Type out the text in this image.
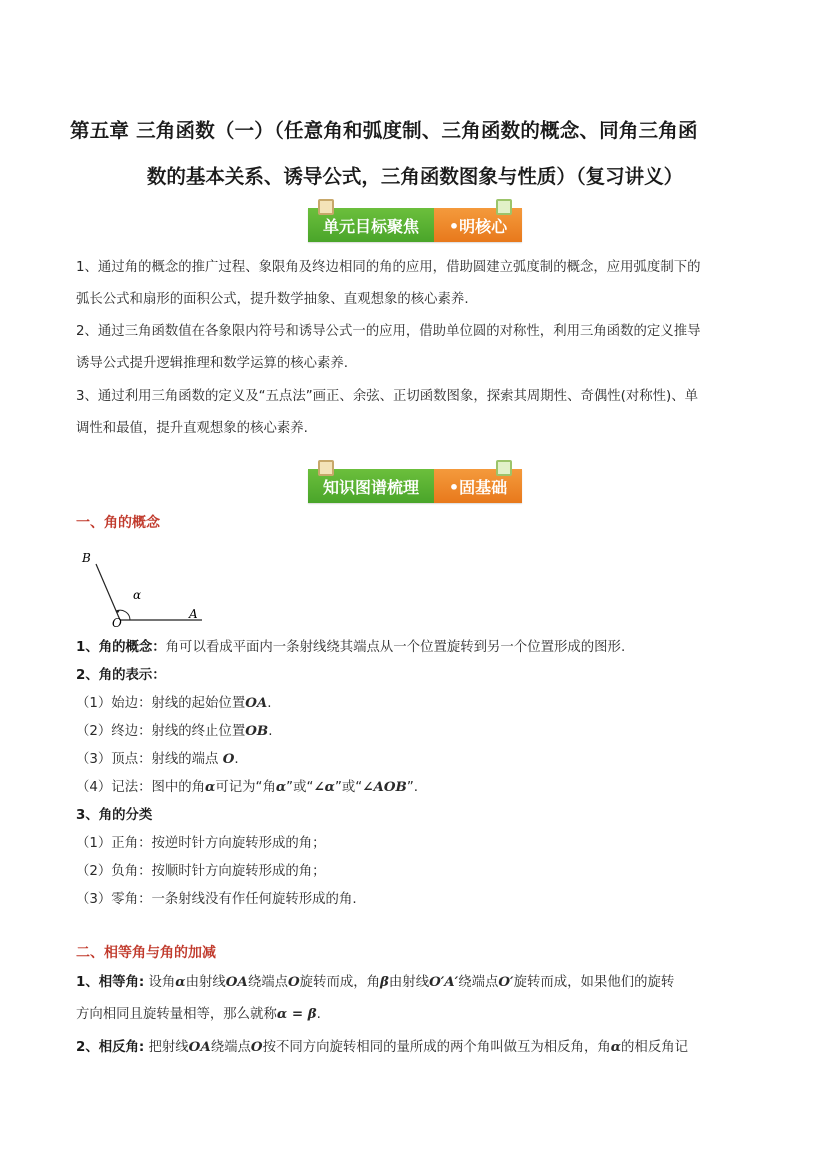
第五章 三角函数（一）（任意角和弧度制、三角函数的概念、同角三角函
数的基本关系、诱导公式，三角函数图象与性质）（复习讲义）
单元目标聚焦	•明核心
1、通过角的概念的推广过程、象限角及终边相同的角的应用，借助圆建立弧度制的概念，应用弧度制下的
弧长公式和扇形的面积公式，提升数学抽象、直观想象的核心素养.
2、通过三角函数值在各象限内符号和诱导公式一的应用，借助单位圆的对称性，利用三角函数的定义推导
诱导公式提升逻辑推理和数学运算的核心素养.
3、通过利用三角函数的定义及“五点法”画正、余弦、正切函数图象，探索其周期性、奇偶性(对称性)、单
调性和最值，提升直观想象的核心素养.
知识图谱梳理	•固基础
一、角的概念
B
O
A
α
1、角的概念：角可以看成平面内一条射线绕其端点从一个位置旋转到另一个位置形成的图形.
2、角的表示：
（1）始边：射线的起始位置OA.
（2）终边：射线的终止位置OB.
（3）顶点：射线的端点 O.
（4）记法：图中的角α可记为“角α”或“∠α”或“∠AOB”.
3、角的分类
（1）正角：按逆时针方向旋转形成的角；
（2）负角：按顺时针方向旋转形成的角；
（3）零角：一条射线没有作任何旋转形成的角.
二、相等角与角的加减
1、相等角: 设角α由射线OA绕端点O旋转而成，角β由射线O′A′绕端点O′旋转而成，如果他们的旋转
方向相同且旋转量相等，那么就称α = β.
2、相反角: 把射线OA绕端点O按不同方向旋转相同的量所成的两个角叫做互为相反角，角α的相反角记
